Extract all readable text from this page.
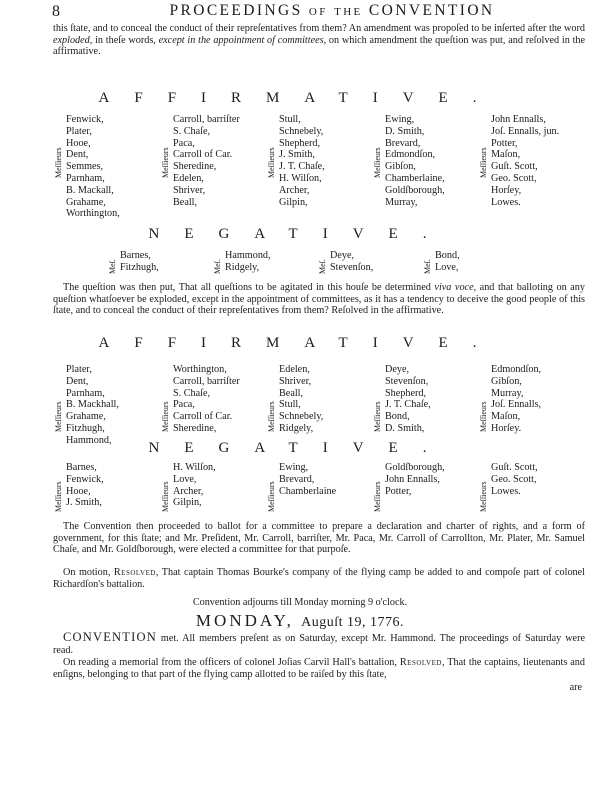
8	PROCEEDINGS of the CONVENTION

this ſtate, and to conceal the conduct of their repreſentatives from them? An amendment was propoſed to be inſerted after the word exploded, in theſe words, except in the appointment of committees, on which amendment the queſtion was put, and reſolved in the affirmative.

AFFIRMATIVE.
Fenwick,
Plater,
Hooe,
Dent,
Semmes,
Parnham,
B. Mackall,
Grahame,
Worthington,
Meſſieurs
Carroll, barriſter
S. Chaſe,
Paca,
Carroll of Car.
Sheredine,
Edelen,
Shriver,
Beall,
Meſſieurs
Stull,
Schnebely,
Shepherd,
J. Smith,
J. T. Chaſe,
H. Wilſon,
Archer,
Gilpin,
Meſſieurs
Ewing,
D. Smith,
Brevard,
Edmondſon,
Gibſon,
Chamberlaine,
Goldſborough,
Murray,
Meſſieurs
John Ennalls,
Joſ. Ennalls, jun.
Potter,
Maſon,
Guſt. Scott,
Geo. Scott,
Horſey,
Lowes.
Meſſieurs
NEGATIVE.
Barnes,
Fitzhugh,
Meſ.
Hammond,
Ridgely,
Meſ.
Deye,
Stevenſon,
Meſ.
Bond,
Love,
Meſ.

The queſtion was then put, That all queſtions to be agitated in this houſe be determined viva voce, and that balloting on any queſtion whatſoever be exploded, except in the appointment of committees, as it has a tendency to deceive the good people of this ſtate, and to conceal the conduct of their repreſentatives from them? Reſolved in the affirmative.

AFFIRMATIVE.
Plater,
Dent,
Parnham,
B. Mackhall,
Grahame,
Fitzhugh,
Hammond,
Meſſieurs
Worthington,
Carroll, barriſter
S. Chaſe,
Paca,
Carroll of Car.
Sheredine,
Meſſieurs
Edelen,
Shriver,
Beall,
Stull,
Schnebely,
Ridgely,
Meſſieurs
Deye,
Stevenſon,
Shepherd,
J. T. Chaſe,
Bond,
D. Smith,
Meſſieurs
Edmondſon,
Gibſon,
Murray,
Joſ. Ennalls,
Maſon,
Horſey.
Meſſieurs
NEGATIVE.
Barnes,
Fenwick,
Hooe,
J. Smith,
Meſſieurs
H. Wilſon,
Love,
Archer,
Gilpin,
Meſſieurs
Ewing,
Brevard,
Chamberlaine
Meſſieurs
Goldſborough,
John Ennalls,
Potter,
Meſſieurs
Guſt. Scott,
Geo. Scott,
Lowes.
Meſſieurs

The Convention then proceeded to ballot for a committee to prepare a declaration and charter of rights, and a form of government, for this ſtate; and Mr. Preſident, Mr. Carroll, barriſter, Mr. Paca, Mr. Carroll of Carrollton, Mr. Plater, Mr. Samuel Chaſe, and Mr. Goldſborough, were elected a committee for that purpoſe.

On motion, Resolved, That captain Thomas Bourke's company of the flying camp be added to and compoſe part of colonel Richardſon's battalion.

Convention adjourns till Monday morning 9 o'clock.
MONDAY, Auguſt 19, 1776.

CONVENTION met. All members preſent as on Saturday, except Mr. Hammond. The proceedings of Saturday were read.

On reading a memorial from the officers of colonel Joſias Carvil Hall's battalion, Resolved, That the captains, lieutenants and enſigns, belonging to that part of the flying camp allotted to be raiſed by this ſtate,

are
